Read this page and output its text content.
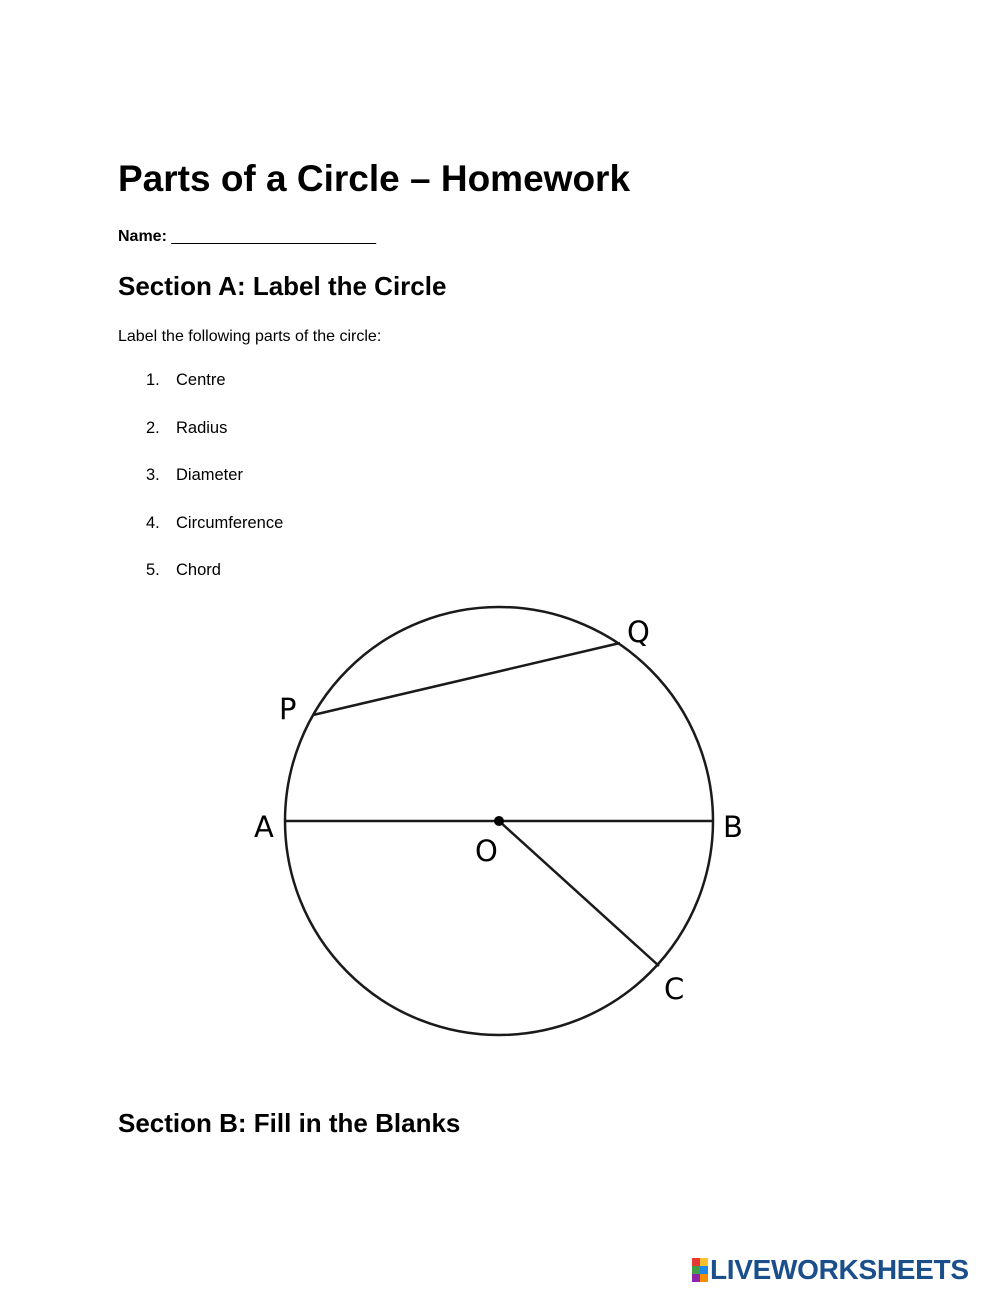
Parts of a Circle – Homework
Name: _______________________
Section A: Label the Circle
Label the following parts of the circle:
1. Centre
2. Radius
3. Diameter
4. Circumference
5. Chord
P
Q
A	B
O
C
Section B: Fill in the Blanks
LIVEWORKSHEETS
